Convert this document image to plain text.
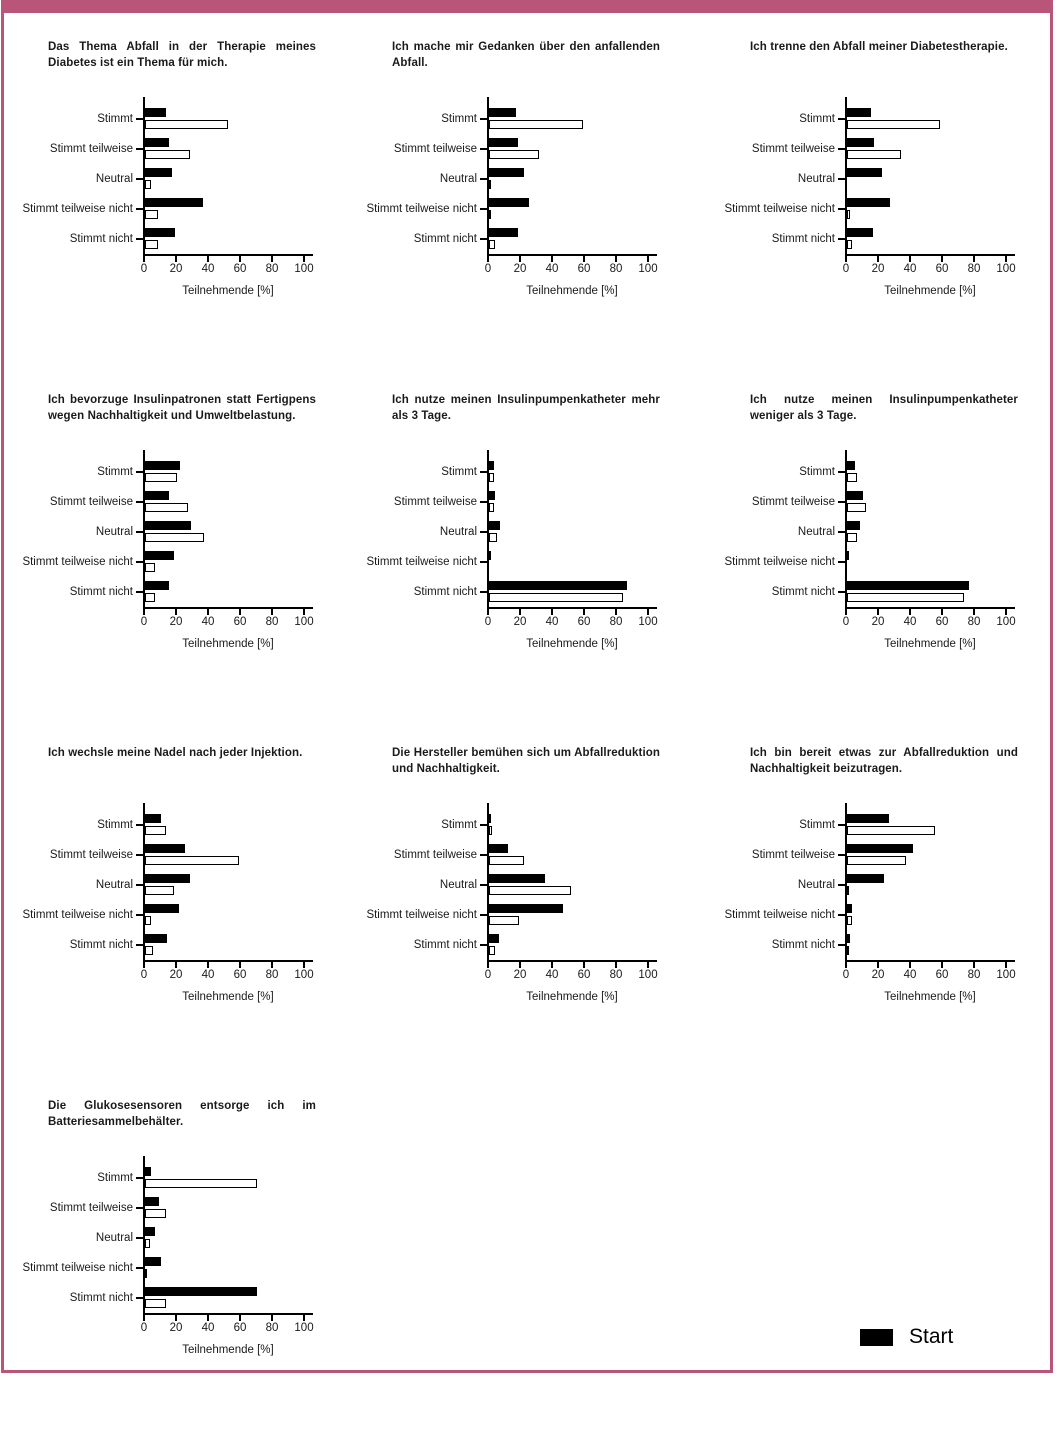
Das Thema Abfall in der Therapie meines Diabetes ist ein Thema für mich.
Stimmt
Stimmt teilweise
Neutral
Stimmt teilweise nicht
Stimmt nicht
0 20 40 60 80 100
Teilnehmende [%]
Ich mache mir Gedanken über den anfallenden Abfall.
Stimmt
Stimmt teilweise
Neutral
Stimmt teilweise nicht
Stimmt nicht
0 20 40 60 80 100
Teilnehmende [%]
Ich trenne den Abfall meiner Diabetestherapie.
Stimmt
Stimmt teilweise
Neutral
Stimmt teilweise nicht
Stimmt nicht
0 20 40 60 80 100
Teilnehmende [%]
Ich bevorzuge Insulinpatronen statt Fertigpens wegen Nachhaltigkeit und Umweltbelastung.
Stimmt
Stimmt teilweise
Neutral
Stimmt teilweise nicht
Stimmt nicht
0 20 40 60 80 100
Teilnehmende [%]
Ich nutze meinen Insulinpumpenkatheter mehr als 3 Tage.
Stimmt
Stimmt teilweise
Neutral
Stimmt teilweise nicht
Stimmt nicht
0 20 40 60 80 100
Teilnehmende [%]
Ich nutze meinen Insulinpumpenkatheter weniger als 3 Tage.
Stimmt
Stimmt teilweise
Neutral
Stimmt teilweise nicht
Stimmt nicht
0 20 40 60 80 100
Teilnehmende [%]
Ich wechsle meine Nadel nach jeder Injektion.
Stimmt
Stimmt teilweise
Neutral
Stimmt teilweise nicht
Stimmt nicht
0 20 40 60 80 100
Teilnehmende [%]
Die Hersteller bemühen sich um Abfallreduktion und Nachhaltigkeit.
Stimmt
Stimmt teilweise
Neutral
Stimmt teilweise nicht
Stimmt nicht
0 20 40 60 80 100
Teilnehmende [%]
Ich bin bereit etwas zur Abfallreduktion und Nachhaltigkeit beizutragen.
Stimmt
Stimmt teilweise
Neutral
Stimmt teilweise nicht
Stimmt nicht
0 20 40 60 80 100
Teilnehmende [%]
Die Glukosesensoren entsorge ich im Batteriesammelbehälter.
Stimmt
Stimmt teilweise
Neutral
Stimmt teilweise nicht
Stimmt nicht
0 20 40 60 80 100
Teilnehmende [%]
Start
